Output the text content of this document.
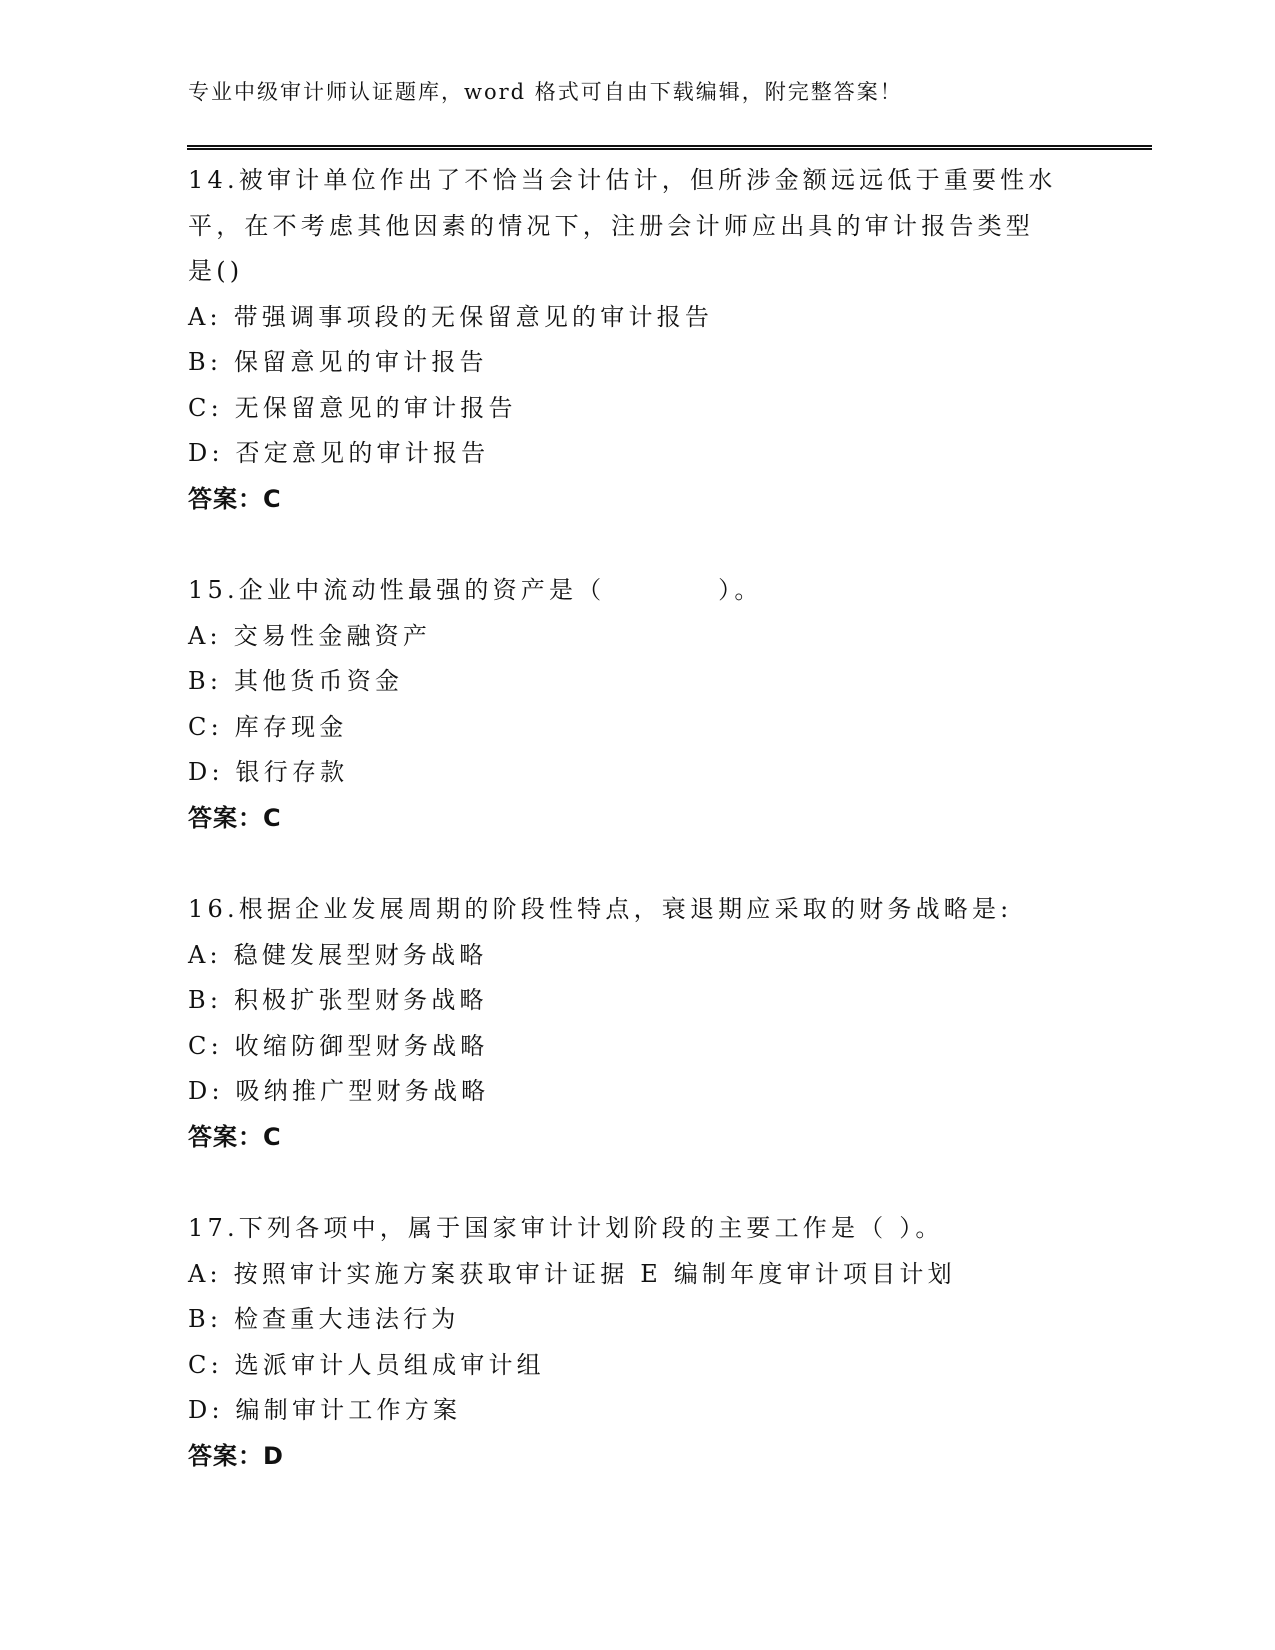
专业中级审计师认证题库，word 格式可自由下载编辑，附完整答案！
14.被审计单位作出了不恰当会计估计，但所涉金额远远低于重要性水
平，在不考虑其他因素的情况下，注册会计师应出具的审计报告类型
是()
A: 带强调事项段的无保留意见的审计报告
B: 保留意见的审计报告
C: 无保留意见的审计报告
D: 否定意见的审计报告
答案：C
15.企业中流动性最强的资产是（　　　　）。
A: 交易性金融资产
B: 其他货币资金
C: 库存现金
D: 银行存款
答案：C
16.根据企业发展周期的阶段性特点，衰退期应采取的财务战略是:
A: 稳健发展型财务战略
B: 积极扩张型财务战略
C: 收缩防御型财务战略
D: 吸纳推广型财务战略
答案：C
17.下列各项中，属于国家审计计划阶段的主要工作是（ ）。
A: 按照审计实施方案获取审计证据 E 编制年度审计项目计划
B: 检查重大违法行为
C: 选派审计人员组成审计组
D: 编制审计工作方案
答案：D
